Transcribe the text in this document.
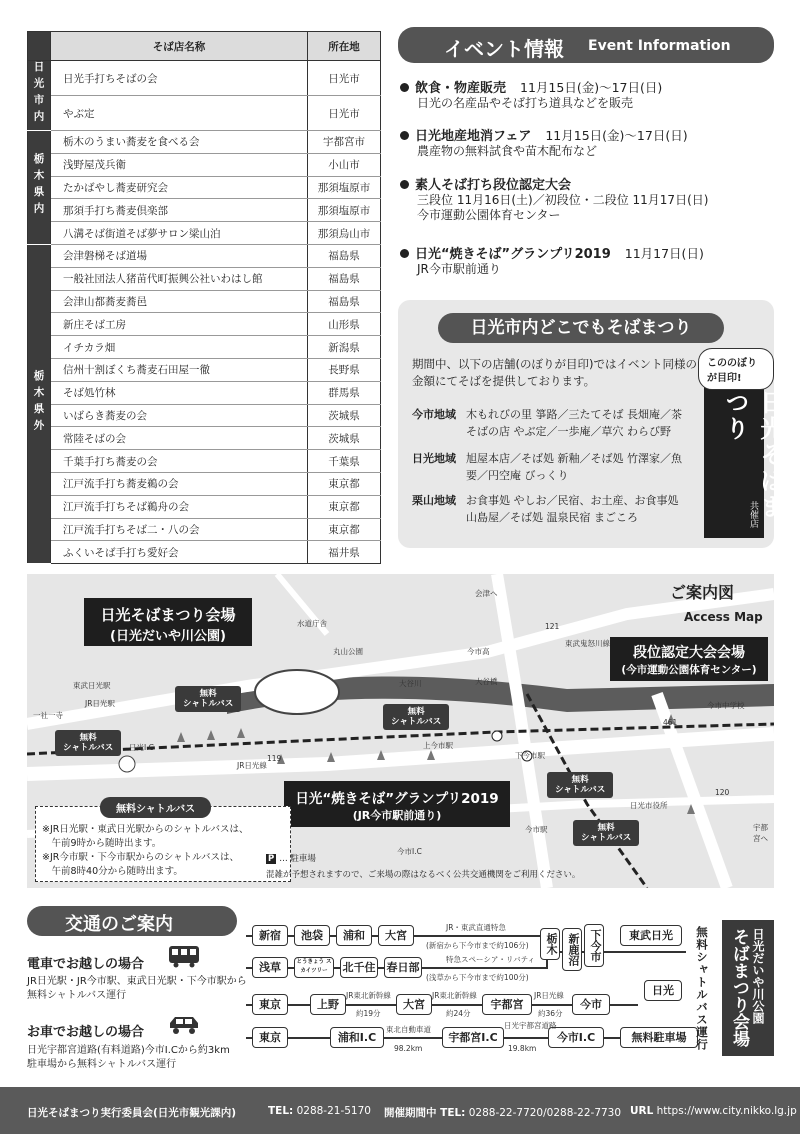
	そば店名称	所在地
日光市内	日光手打ちそばの会	日光市
	やぶ定	日光市
栃木県内	栃木のうまい蕎麦を食べる会	宇都宮市
	浅野屋茂兵衛	小山市
	たかばやし蕎麦研究会	那須塩原市
	那須手打ち蕎麦倶楽部	那須塩原市
	八溝そば街道そば夢サロン梁山泊	那須烏山市
栃木県外	会津磐梯そば道場	福島県
	一般社団法人猪苗代町振興公社いわはし館	福島県
	会津山都蕎麦蕎邑	福島県
	新庄そば工房	山形県
	イチカラ畑	新潟県
	信州十割ぼくち蕎麦石田屋一徹	長野県
	そば処竹林	群馬県
	いばらき蕎麦の会	茨城県
	常陸そばの会	茨城県
	千葉手打ち蕎麦の会	千葉県
	江戸流手打ち蕎麦鵜の会	東京都
	江戸流手打ちそば鵜舟の会	東京都
	江戸流手打ちそば二・八の会	東京都
	ふくいそば手打ち愛好会	福井県
イベント情報 Event Information
飲食・物産販売 11月15日(金)〜17日(日)
日光の名産品やそば打ち道具などを販売
日光地産地消フェア 11月15日(金)〜17日(日)
農産物の無料試食や苗木配布など
素人そば打ち段位認定大会
三段位 11月16日(土)／初段位・二段位 11月17日(日)
今市運動公園体育センター
日光“焼きそば”グランプリ2019 11月17日(日)
JR今市駅前通り
日光市内どこでもそばまつり
期間中、以下の店舗(のぼりが目印)ではイベント同様の金額にてそばを提供しております。
今市地域 木もれびの里 箏路／三たてそば 長畑庵／茶そばの店 やぶ定／一歩庵／草穴 わらび野
日光地域 旭屋本店／そば処 新釉／そば処 竹澤家／魚要／円空庵 びっくり
栗山地域 お食事処 やしお／民宿、お土産、お食事処 山島屋／そば処 温泉民宿 まごころ	日光そばまつり
共催店
こののぼりが目印!
日光そばまつり会場
(日光だいや川公園)
段位認定大会会場
(今市運動公園体育センター)
日光“焼きそば”グランプリ2019
(JR今市駅前通り)
ご案内図
Access Map
無料
シャトルバス
無料
シャトルバス
無料
シャトルバス
無料
シャトルバス
無料
シャトルバス
水道庁舎
丸山公園
大谷川
今市高
東武鬼怒川線
大谷橋
東武日光駅
JR日光駅
一社一寺
日光I.C
JR日光線
上今市駅
下今市駅
今市駅
今市I.C
今市中学校
日光市役所
宇都宮へ
会津へ
121
119
461
120
無料シャトルバス
※JR日光駅・東武日光駅からのシャトルバスは、
　午前9時から随時出ます。
※JR今市駅・下今市駅からのシャトルバスは、
　午前8時40分から随時出ます。
P … 駐車場
混雑が予想されますので、ご来場の際はなるべく公共交通機関をご利用ください。
交通のご案内
電車でお越しの場合
JR日光駅・JR今市駅、東武日光駅・下今市駅から
無料シャトルバス運行
お車でお越しの場合
日光宇都宮道路(有料道路)今市I.Cから約3km
駐車場から無料シャトルバス運行
新宿	池袋	浦和	大宮
JR・東武直通特急
(新宿から下今市まで約106分)
浅草	とうきょう スカイツリー	北千住 春日部
特急スペーシア・リバティ
(浅草から下今市まで約100分)
栃木 新鹿沼 下今市	東武日光
東京	上野	大宮	宇都宮	今市
日光
JR東北新幹線
約19分
JR東北新幹線
約24分
JR日光線
約36分
東京	浦和I.C	宇都宮I.C	今市I.C	無料駐車場
東北自動車道
98.2km
日光宇都宮道路
19.8km	無料シャトルバス運行	日光だいや川公園
そばまつり会場
日光そばまつり実行委員会(日光市観光課内)	TEL: 0288-21-5170 開催期間中 TEL: 0288-22-7720/0288-22-7730 URL https://www.city.nikko.lg.jp
